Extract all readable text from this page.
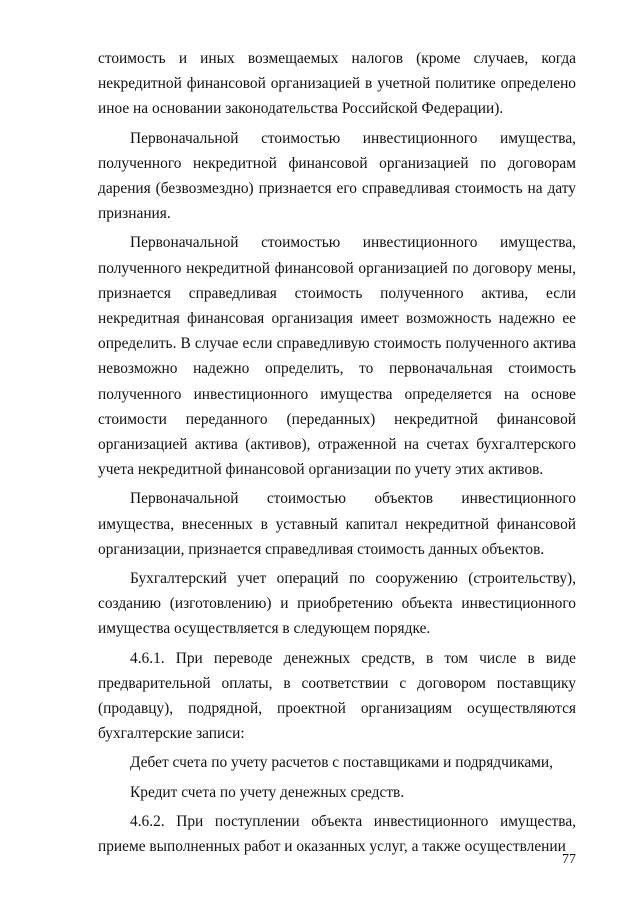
стоимость и иных возмещаемых налогов (кроме случаев, когда некредитной финансовой организацией в учетной политике определено иное на основании законодательства Российской Федерации).

Первоначальной стоимостью инвестиционного имущества, полученного некредитной финансовой организацией по договорам дарения (безвозмездно) признается его справедливая стоимость на дату признания.

Первоначальной стоимостью инвестиционного имущества, полученного некредитной финансовой организацией по договору мены, признается справедливая стоимость полученного актива, если некредитная финансовая организация имеет возможность надежно ее определить. В случае если справедливую стоимость полученного актива невозможно надежно определить, то первоначальная стоимость полученного инвестиционного имущества определяется на основе стоимости переданного (переданных) некредитной финансовой организацией актива (активов), отраженной на счетах бухгалтерского учета некредитной финансовой организации по учету этих активов.

Первоначальной стоимостью объектов инвестиционного имущества, внесенных в уставный капитал некредитной финансовой организации, признается справедливая стоимость данных объектов.

Бухгалтерский учет операций по сооружению (строительству), созданию (изготовлению) и приобретению объекта инвестиционного имущества осуществляется в следующем порядке.

4.6.1. При переводе денежных средств, в том числе в виде предварительной оплаты, в соответствии с договором поставщику (продавцу), подрядной, проектной организациям осуществляются бухгалтерские записи:

Дебет счета по учету расчетов с поставщиками и подрядчиками,

Кредит счета по учету денежных средств.

4.6.2. При поступлении объекта инвестиционного имущества, приеме выполненных работ и оказанных услуг, а также осуществлении

77
